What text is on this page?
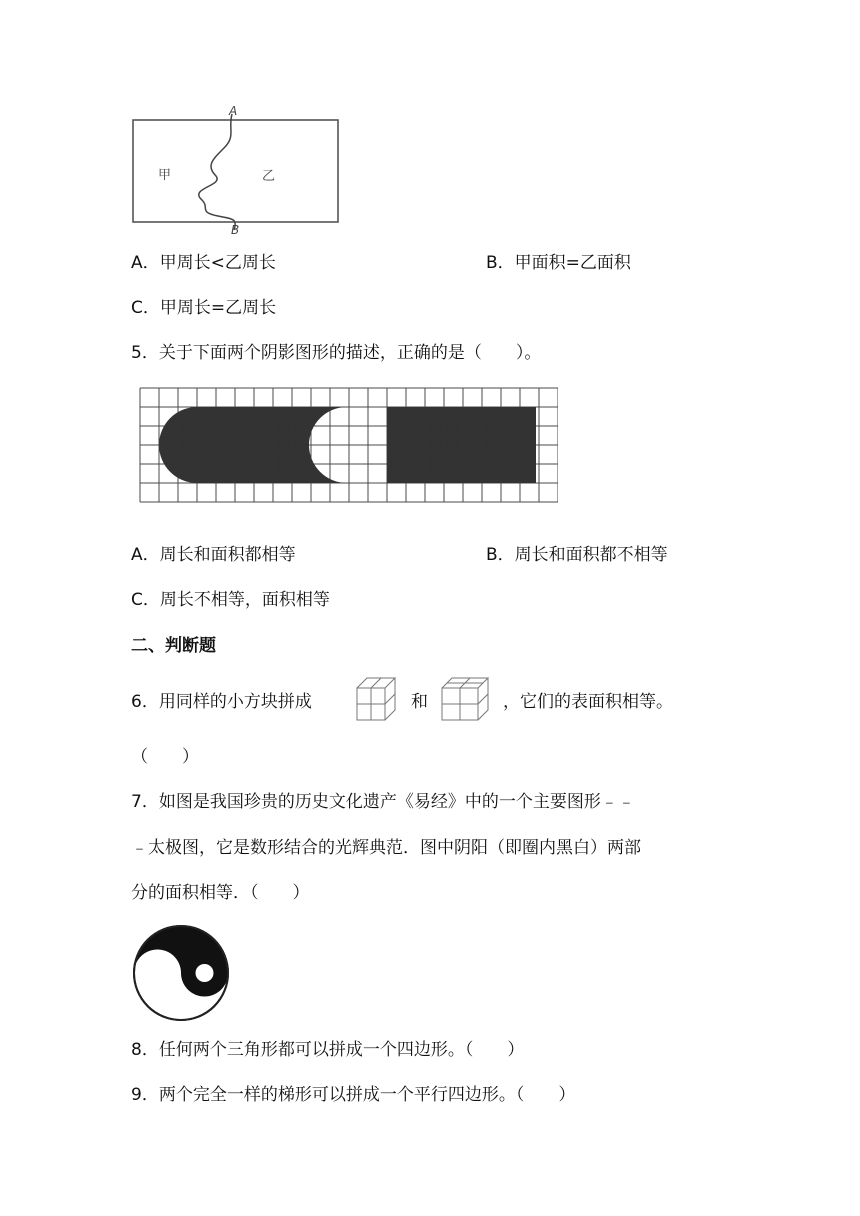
A
B
甲	乙
A．甲周长<乙周长	B．甲面积=乙面积
C．甲周长=乙周长
5．关于下面两个阴影图形的描述，正确的是（　　）。
A．周长和面积都相等	B．周长和面积都不相等
C．周长不相等，面积相等
二、判断题
6．用同样的小方块拼成	和	，它们的表面积相等。
（　　）
7．如图是我国珍贵的历史文化遗产《易经》中的一个主要图形﹣﹣
﹣太极图，它是数形结合的光辉典范．图中阴阳（即圈内黑白）两部
分的面积相等．（　　）
8．任何两个三角形都可以拼成一个四边形。（　　）
9．两个完全一样的梯形可以拼成一个平行四边形。（　　）
